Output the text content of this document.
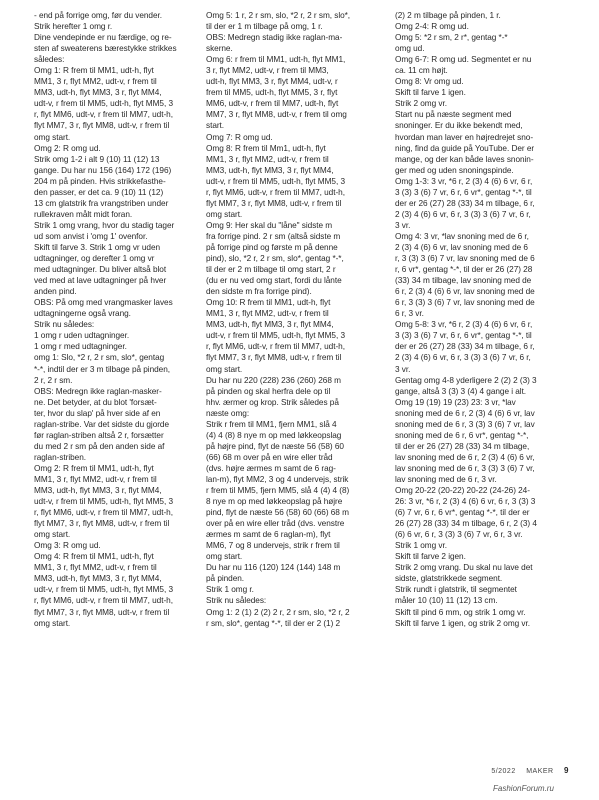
- end på forrige omg, før du vender.

Strik herefter 1 omg r.

Dine vendepinde er nu færdige, og re-

sten af sweaterens bærestykke strikkes

således:

Omg 1: R frem til MM1, udt-h, flyt

MM1, 3 r, flyt MM2, udt-v, r frem til

MM3, udt-h, flyt MM3, 3 r, flyt MM4,

udt-v, r frem til MM5, udt-h, flyt MM5, 3

r, flyt MM6, udt-v, r frem til MM7, udt-h,

flyt MM7, 3 r, flyt MM8, udt-v, r frem til

omg start.

Omg 2: R omg ud.

Strik omg 1-2 i alt 9 (10) 11 (12) 13

gange. Du har nu 156 (164) 172 (196)

204 m på pinden. Hvis strikkefasthe-

den passer, er det ca. 9 (10) 11 (12)

13 cm glatstrik fra vrangstriben under

rullekraven målt midt foran.

Strik 1 omg vrang, hvor du stadig tager

ud som anvist i 'omg 1' ovenfor.

Skift til farve 3. Strik 1 omg vr uden

udtagninger, og derefter 1 omg vr

med udtagninger. Du bliver altså blot

ved med at lave udtagninger på hver

anden pind.

OBS: På omg med vrangmasker laves

udtagningerne også vrang.

Strik nu således:

1 omg r uden udtagninger.

1 omg r med udtagninger.

omg 1: Slo, *2 r, 2 r sm, slo*, gentag

*-*, indtil der er 3 m tilbage på pinden,

2 r, 2 r sm.

OBS: Medregn ikke raglan-masker-

ne. Det betyder, at du blot 'forsæt-

ter, hvor du slap' på hver side af en

raglan-stribe. Var det sidste du gjorde

før raglan-striben altså 2 r, forsætter

du med 2 r sm på den anden side af

raglan-striben.

Omg 2: R frem til MM1, udt-h, flyt

MM1, 3 r, flyt MM2, udt-v, r frem til

MM3, udt-h, flyt MM3, 3 r, flyt MM4,

udt-v, r frem til MM5, udt-h, flyt MM5, 3

r, flyt MM6, udt-v, r frem til MM7, udt-h,

flyt MM7, 3 r, flyt MM8, udt-v, r frem til

omg start.

Omg 3: R omg ud.

Omg 4: R frem til MM1, udt-h, flyt

MM1, 3 r, flyt MM2, udt-v, r frem til

MM3, udt-h, flyt MM3, 3 r, flyt MM4,

udt-v, r frem til MM5, udt-h, flyt MM5, 3

r, flyt MM6, udt-v, r frem til MM7, udt-h,

flyt MM7, 3 r, flyt MM8, udt-v, r frem til

omg start.

Omg 5: 1 r, 2 r sm, slo, *2 r, 2 r sm, slo*,

til der er 1 m tilbage på omg, 1 r.

OBS: Medregn stadig ikke raglan-ma-

skerne.

Omg 6: r frem til MM1, udt-h, flyt MM1,

3 r, flyt MM2, udt-v, r frem til MM3,

udt-h, flyt MM3, 3 r, flyt MM4, udt-v, r

frem til MM5, udt-h, flyt MM5, 3 r, flyt

MM6, udt-v, r frem til MM7, udt-h, flyt

MM7, 3 r, flyt MM8, udt-v, r frem til omg

start.

Omg 7: R omg ud.

Omg 8: R frem til Mm1, udt-h, flyt

MM1, 3 r, flyt MM2, udt-v, r frem til

MM3, udt-h, flyt MM3, 3 r, flyt MM4,

udt-v, r frem til MM5, udt-h, flyt MM5, 3

r, flyt MM6, udt-v, r frem til MM7, udt-h,

flyt MM7, 3 r, flyt MM8, udt-v, r frem til

omg start.

Omg 9: Her skal du "låne" sidste m

fra forrige pind. 2 r sm (altså sidste m

på forrige pind og første m på denne

pind), slo, *2 r, 2 r sm, slo*, gentag *-*,

til der er 2 m tilbage til omg start, 2 r

(du er nu ved omg start, fordi du lånte

den sidste m fra forrige pind).

Omg 10: R frem til MM1, udt-h, flyt

MM1, 3 r, flyt MM2, udt-v, r frem til

MM3, udt-h, flyt MM3, 3 r, flyt MM4,

udt-v, r frem til MM5, udt-h, flyt MM5, 3

r, flyt MM6, udt-v, r frem til MM7, udt-h,

flyt MM7, 3 r, flyt MM8, udt-v, r frem til

omg start.

Du har nu 220 (228) 236 (260) 268 m

på pinden og skal herfra dele op til

hhv. ærmer og krop. Strik således på

næste omg:

Strik r frem til MM1, fjern MM1, slå 4

(4) 4 (8) 8 nye m op med løkkeopslag

på højre pind, flyt de næste 56 (58) 60

(66) 68 m over på en wire eller tråd

(dvs. højre ærmes m samt de 6 rag-

lan-m), flyt MM2, 3 og 4 undervejs, strik

r frem til MM5, fjern MM5, slå 4 (4) 4 (8)

8 nye m op med løkkeopslag på højre

pind, flyt de næste 56 (58) 60 (66) 68 m

over på en wire eller tråd (dvs. venstre

ærmes m samt de 6 raglan-m), flyt

MM6, 7 og 8 undervejs, strik r frem til

omg start.

Du har nu 116 (120) 124 (144) 148 m

på pinden.

Strik 1 omg r.

Strik nu således:

Omg 1: 2 (1) 2 (2) 2 r, 2 r sm, slo, *2 r, 2

r sm, slo*, gentag *-*, til der er 2 (1) 2

(2) 2 m tilbage på pinden, 1 r.

Omg 2-4: R omg ud.

Omg 5: *2 r sm, 2 r*, gentag *-*

omg ud.

Omg 6-7: R omg ud. Segmentet er nu

ca. 11 cm højt.

Omg 8: Vr omg ud.

Skift til farve 1 igen.

Strik 2 omg vr.

Start nu på næste segment med

snoninger. Er du ikke bekendt med,

hvordan man laver en højredrejet sno-

ning, find da guide på YouTube. Der er

mange, og der kan både laves snonin-

ger med og uden snoningspinde.

Omg 1-3: 3 vr, *6 r, 2 (3) 4 (6) 6 vr, 6 r,

3 (3) 3 (6) 7 vr, 6 r, 6 vr*, gentag *-*, til

der er 26 (27) 28 (33) 34 m tilbage, 6 r,

2 (3) 4 (6) 6 vr, 6 r, 3 (3) 3 (6) 7 vr, 6 r,

3 vr.

Omg 4: 3 vr, *lav snoning med de 6 r,

2 (3) 4 (6) 6 vr, lav snoning med de 6

r, 3 (3) 3 (6) 7 vr, lav snoning med de 6

r, 6 vr*, gentag *-*, til der er 26 (27) 28

(33) 34 m tilbage, lav snoning med de

6 r, 2 (3) 4 (6) 6 vr, lav snoning med de

6 r, 3 (3) 3 (6) 7 vr, lav snoning med de

6 r, 3 vr.

Omg 5-8: 3 vr, *6 r, 2 (3) 4 (6) 6 vr, 6 r,

3 (3) 3 (6) 7 vr, 6 r, 6 vr*, gentag *-*, til

der er 26 (27) 28 (33) 34 m tilbage, 6 r,

2 (3) 4 (6) 6 vr, 6 r, 3 (3) 3 (6) 7 vr, 6 r,

3 vr.

Gentag omg 4-8 yderligere 2 (2) 2 (3) 3

gange, altså 3 (3) 3 (4) 4 gange i alt.

Omg 19 (19) 19 (23) 23: 3 vr, *lav

snoning med de 6 r, 2 (3) 4 (6) 6 vr, lav

snoning med de 6 r, 3 (3) 3 (6) 7 vr, lav

snoning med de 6 r, 6 vr*, gentag *-*,

til der er 26 (27) 28 (33) 34 m tilbage,

lav snoning med de 6 r, 2 (3) 4 (6) 6 vr,

lav snoning med de 6 r, 3 (3) 3 (6) 7 vr,

lav snoning med de 6 r, 3 vr.

Omg 20-22 (20-22) 20-22 (24-26) 24-

26: 3 vr, *6 r, 2 (3) 4 (6) 6 vr, 6 r, 3 (3) 3

(6) 7 vr, 6 r, 6 vr*, gentag *-*, til der er

26 (27) 28 (33) 34 m tilbage, 6 r, 2 (3) 4

(6) 6 vr, 6 r, 3 (3) 3 (6) 7 vr, 6 r, 3 vr.

Strik 1 omg vr.

Skift til farve 2 igen.

Strik 2 omg vrang. Du skal nu lave det

sidste, glatstrikkede segment.

Strik rundt i glatstrik, til segmentet

måler 10 (10) 11 (12) 13 cm.

Skift til pind 6 mm, og strik 1 omg vr.

Skift til farve 1 igen, og strik 2 omg vr.

5/2022 MAKER 9
FashionForum.ru
